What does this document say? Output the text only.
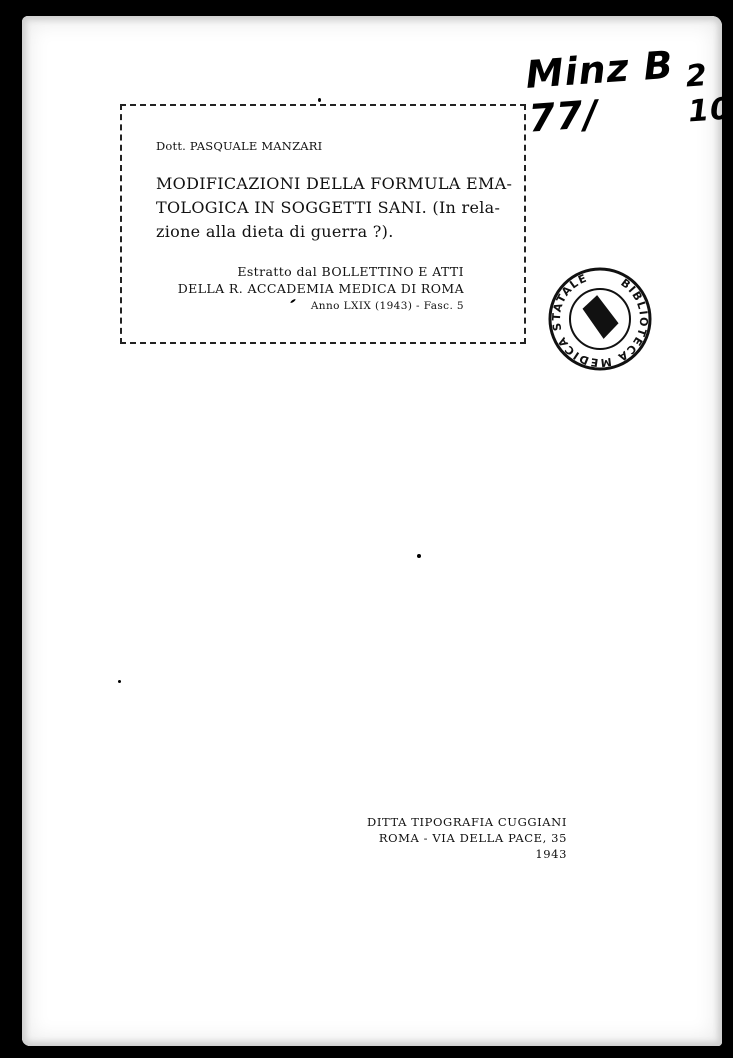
Minz B 77/
2 10
Dott. PASQUALE MANZARI
MODIFICAZIONI DELLA FORMULA EMA-
TOLOGICA IN SOGGETTI SANI. (In rela-
zione alla dieta di guerra ?).
Estratto dal BOLLETTINO E ATTI
DELLA R. ACCADEMIA MEDICA DI ROMA
Anno LXIX (1943) - Fasc. 5
BIBLIOTECA MEDICA STATALE
DITTA TIPOGRAFIA CUGGIANI
ROMA - VIA DELLA PACE, 35
1943
